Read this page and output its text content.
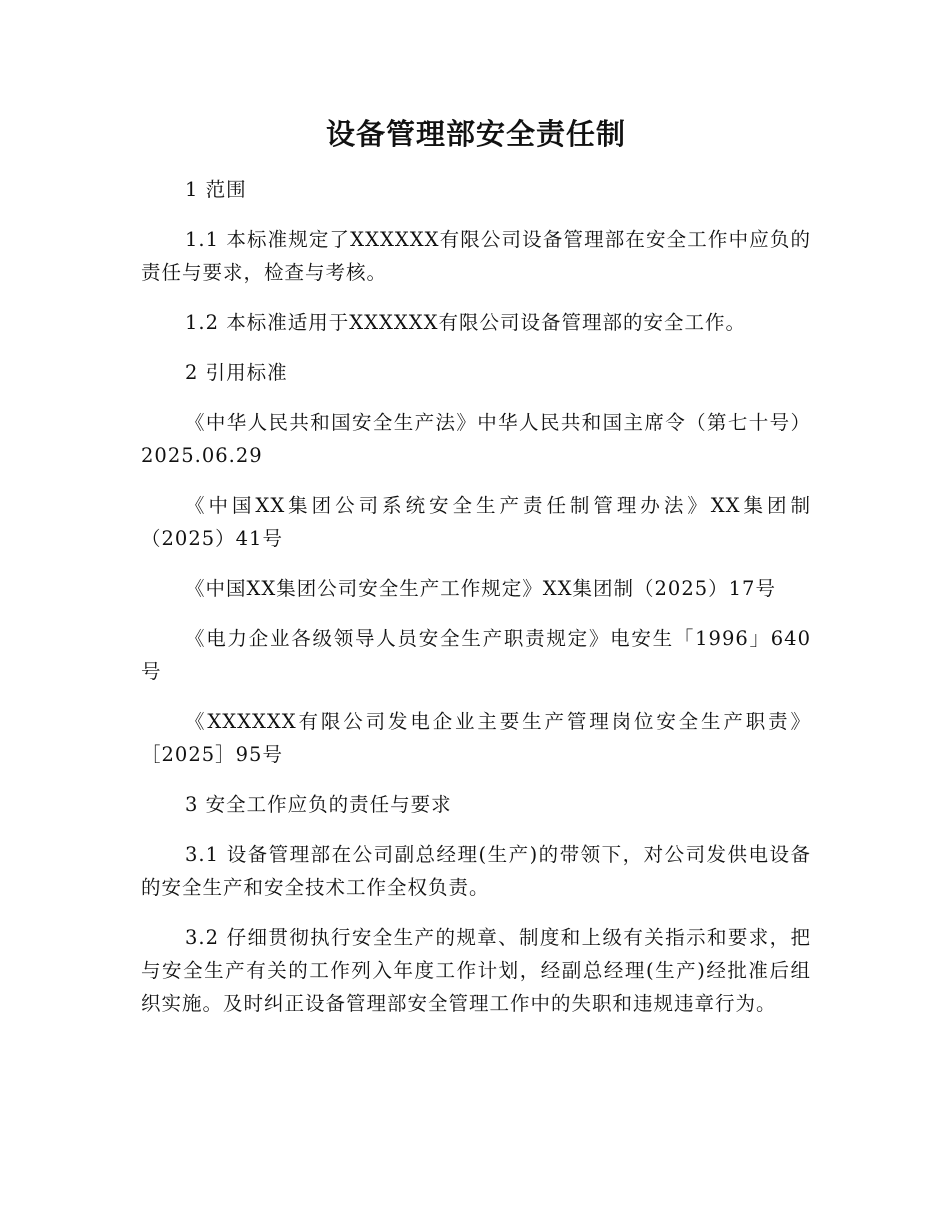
设备管理部安全责任制

1 范围

1.1 本标准规定了XXXXXX有限公司设备管理部在安全工作中应负的责任与要求，检查与考核。

1.2 本标准适用于XXXXXX有限公司设备管理部的安全工作。

2 引用标准

《中华人民共和国安全生产法》中华人民共和国主席令（第七十号）2025.06.29

《中国XX集团公司系统安全生产责任制管理办法》XX集团制（2025）41号

《中国XX集团公司安全生产工作规定》XX集团制（2025）17号

《电力企业各级领导人员安全生产职责规定》电安生「1996」640号

《XXXXXX有限公司发电企业主要生产管理岗位安全生产职责》［2025］95号

3 安全工作应负的责任与要求

3.1 设备管理部在公司副总经理(生产)的带领下，对公司发供电设备的安全生产和安全技术工作全权负责。

3.2 仔细贯彻执行安全生产的规章、制度和上级有关指示和要求，把与安全生产有关的工作列入年度工作计划，经副总经理(生产)经批准后组织实施。及时纠正设备管理部安全管理工作中的失职和违规违章行为。
